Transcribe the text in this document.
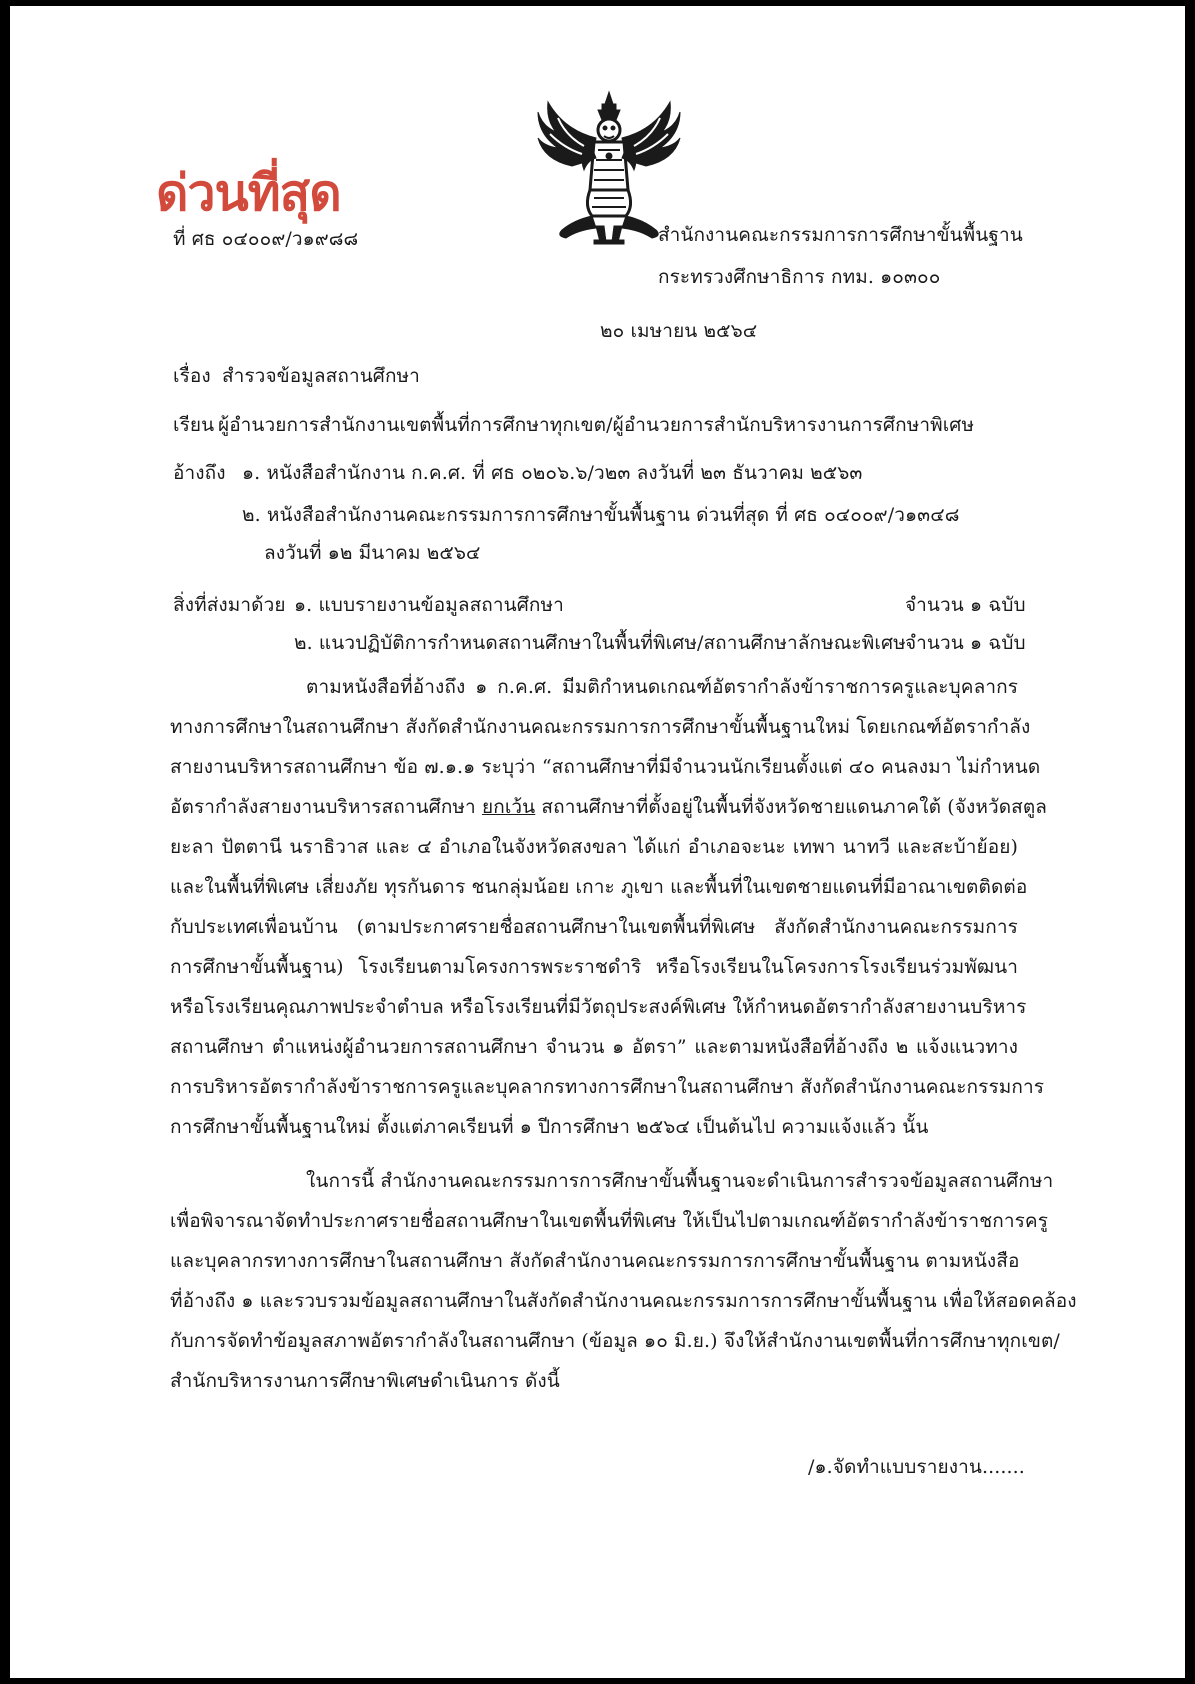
ด่วนที่สุด
ที่ ศธ ๐๔๐๐๙/ว๑๙๘๘	สำนักงานคณะกรรมการการศึกษาขั้นพื้นฐาน
กระทรวงศึกษาธิการ กทม. ๑๐๓๐๐
๒๐ เมษายน ๒๕๖๔
เรื่อง สำรวจข้อมูลสถานศึกษา
เรียน ผู้อำนวยการสำนักงานเขตพื้นที่การศึกษาทุกเขต/ผู้อำนวยการสำนักบริหารงานการศึกษาพิเศษ
อ้างถึง ๑. หนังสือสำนักงาน ก.ค.ศ. ที่ ศธ ๐๒๐๖.๖/ว๒๓ ลงวันที่ ๒๓ ธันวาคม ๒๕๖๓
๒. หนังสือสำนักงานคณะกรรมการการศึกษาขั้นพื้นฐาน ด่วนที่สุด ที่ ศธ ๐๔๐๐๙/ว๑๓๔๘
ลงวันที่ ๑๒ มีนาคม ๒๕๖๔
สิ่งที่ส่งมาด้วย ๑. แบบรายงานข้อมูลสถานศึกษา	จำนวน ๑ ฉบับ
๒. แนวปฏิบัติการกำหนดสถานศึกษาในพื้นที่พิเศษ/สถานศึกษาลักษณะพิเศษ จำนวน ๑ ฉบับ
ตามหนังสือที่อ้างถึง ๑ ก.ค.ศ. มีมติกำหนดเกณฑ์อัตรากำลังข้าราชการครูและบุคลากร
ทางการศึกษาในสถานศึกษา สังกัดสำนักงานคณะกรรมการการศึกษาขั้นพื้นฐานใหม่ โดยเกณฑ์อัตรากำลัง
สายงานบริหารสถานศึกษา ข้อ ๗.๑.๑ ระบุว่า “สถานศึกษาที่มีจำนวนนักเรียนตั้งแต่ ๔๐ คนลงมา ไม่กำหนด
อัตรากำลังสายงานบริหารสถานศึกษา ยกเว้น สถานศึกษาที่ตั้งอยู่ในพื้นที่จังหวัดชายแดนภาคใต้ (จังหวัดสตูล
ยะลา ปัตตานี นราธิวาส และ ๔ อำเภอในจังหวัดสงขลา ได้แก่ อำเภอจะนะ เทพา นาทวี และสะบ้าย้อย)
และในพื้นที่พิเศษ เสี่ยงภัย ทุรกันดาร ชนกลุ่มน้อย เกาะ ภูเขา และพื้นที่ในเขตชายแดนที่มีอาณาเขตติดต่อ
กับประเทศเพื่อนบ้าน (ตามประกาศรายชื่อสถานศึกษาในเขตพื้นที่พิเศษ สังกัดสำนักงานคณะกรรมการ
การศึกษาขั้นพื้นฐาน) โรงเรียนตามโครงการพระราชดำริ หรือโรงเรียนในโครงการโรงเรียนร่วมพัฒนา
หรือโรงเรียนคุณภาพประจำตำบล หรือโรงเรียนที่มีวัตถุประสงค์พิเศษ ให้กำหนดอัตรากำลังสายงานบริหาร
สถานศึกษา ตำแหน่งผู้อำนวยการสถานศึกษา จำนวน ๑ อัตรา” และตามหนังสือที่อ้างถึง ๒ แจ้งแนวทาง
การบริหารอัตรากำลังข้าราชการครูและบุคลากรทางการศึกษาในสถานศึกษา สังกัดสำนักงานคณะกรรมการ
การศึกษาขั้นพื้นฐานใหม่ ตั้งแต่ภาคเรียนที่ ๑ ปีการศึกษา ๒๕๖๔ เป็นต้นไป ความแจ้งแล้ว นั้น
ในการนี้ สำนักงานคณะกรรมการการศึกษาขั้นพื้นฐานจะดำเนินการสำรวจข้อมูลสถานศึกษา
เพื่อพิจารณาจัดทำประกาศรายชื่อสถานศึกษาในเขตพื้นที่พิเศษ ให้เป็นไปตามเกณฑ์อัตรากำลังข้าราชการครู
และบุคลากรทางการศึกษาในสถานศึกษา สังกัดสำนักงานคณะกรรมการการศึกษาขั้นพื้นฐาน ตามหนังสือ
ที่อ้างถึง ๑ และรวบรวมข้อมูลสถานศึกษาในสังกัดสำนักงานคณะกรรมการการศึกษาขั้นพื้นฐาน เพื่อให้สอดคล้อง
กับการจัดทำข้อมูลสภาพอัตรากำลังในสถานศึกษา (ข้อมูล ๑๐ มิ.ย.) จึงให้สำนักงานเขตพื้นที่การศึกษาทุกเขต/
สำนักบริหารงานการศึกษาพิเศษดำเนินการ ดังนี้
/๑.จัดทำแบบรายงาน.......
